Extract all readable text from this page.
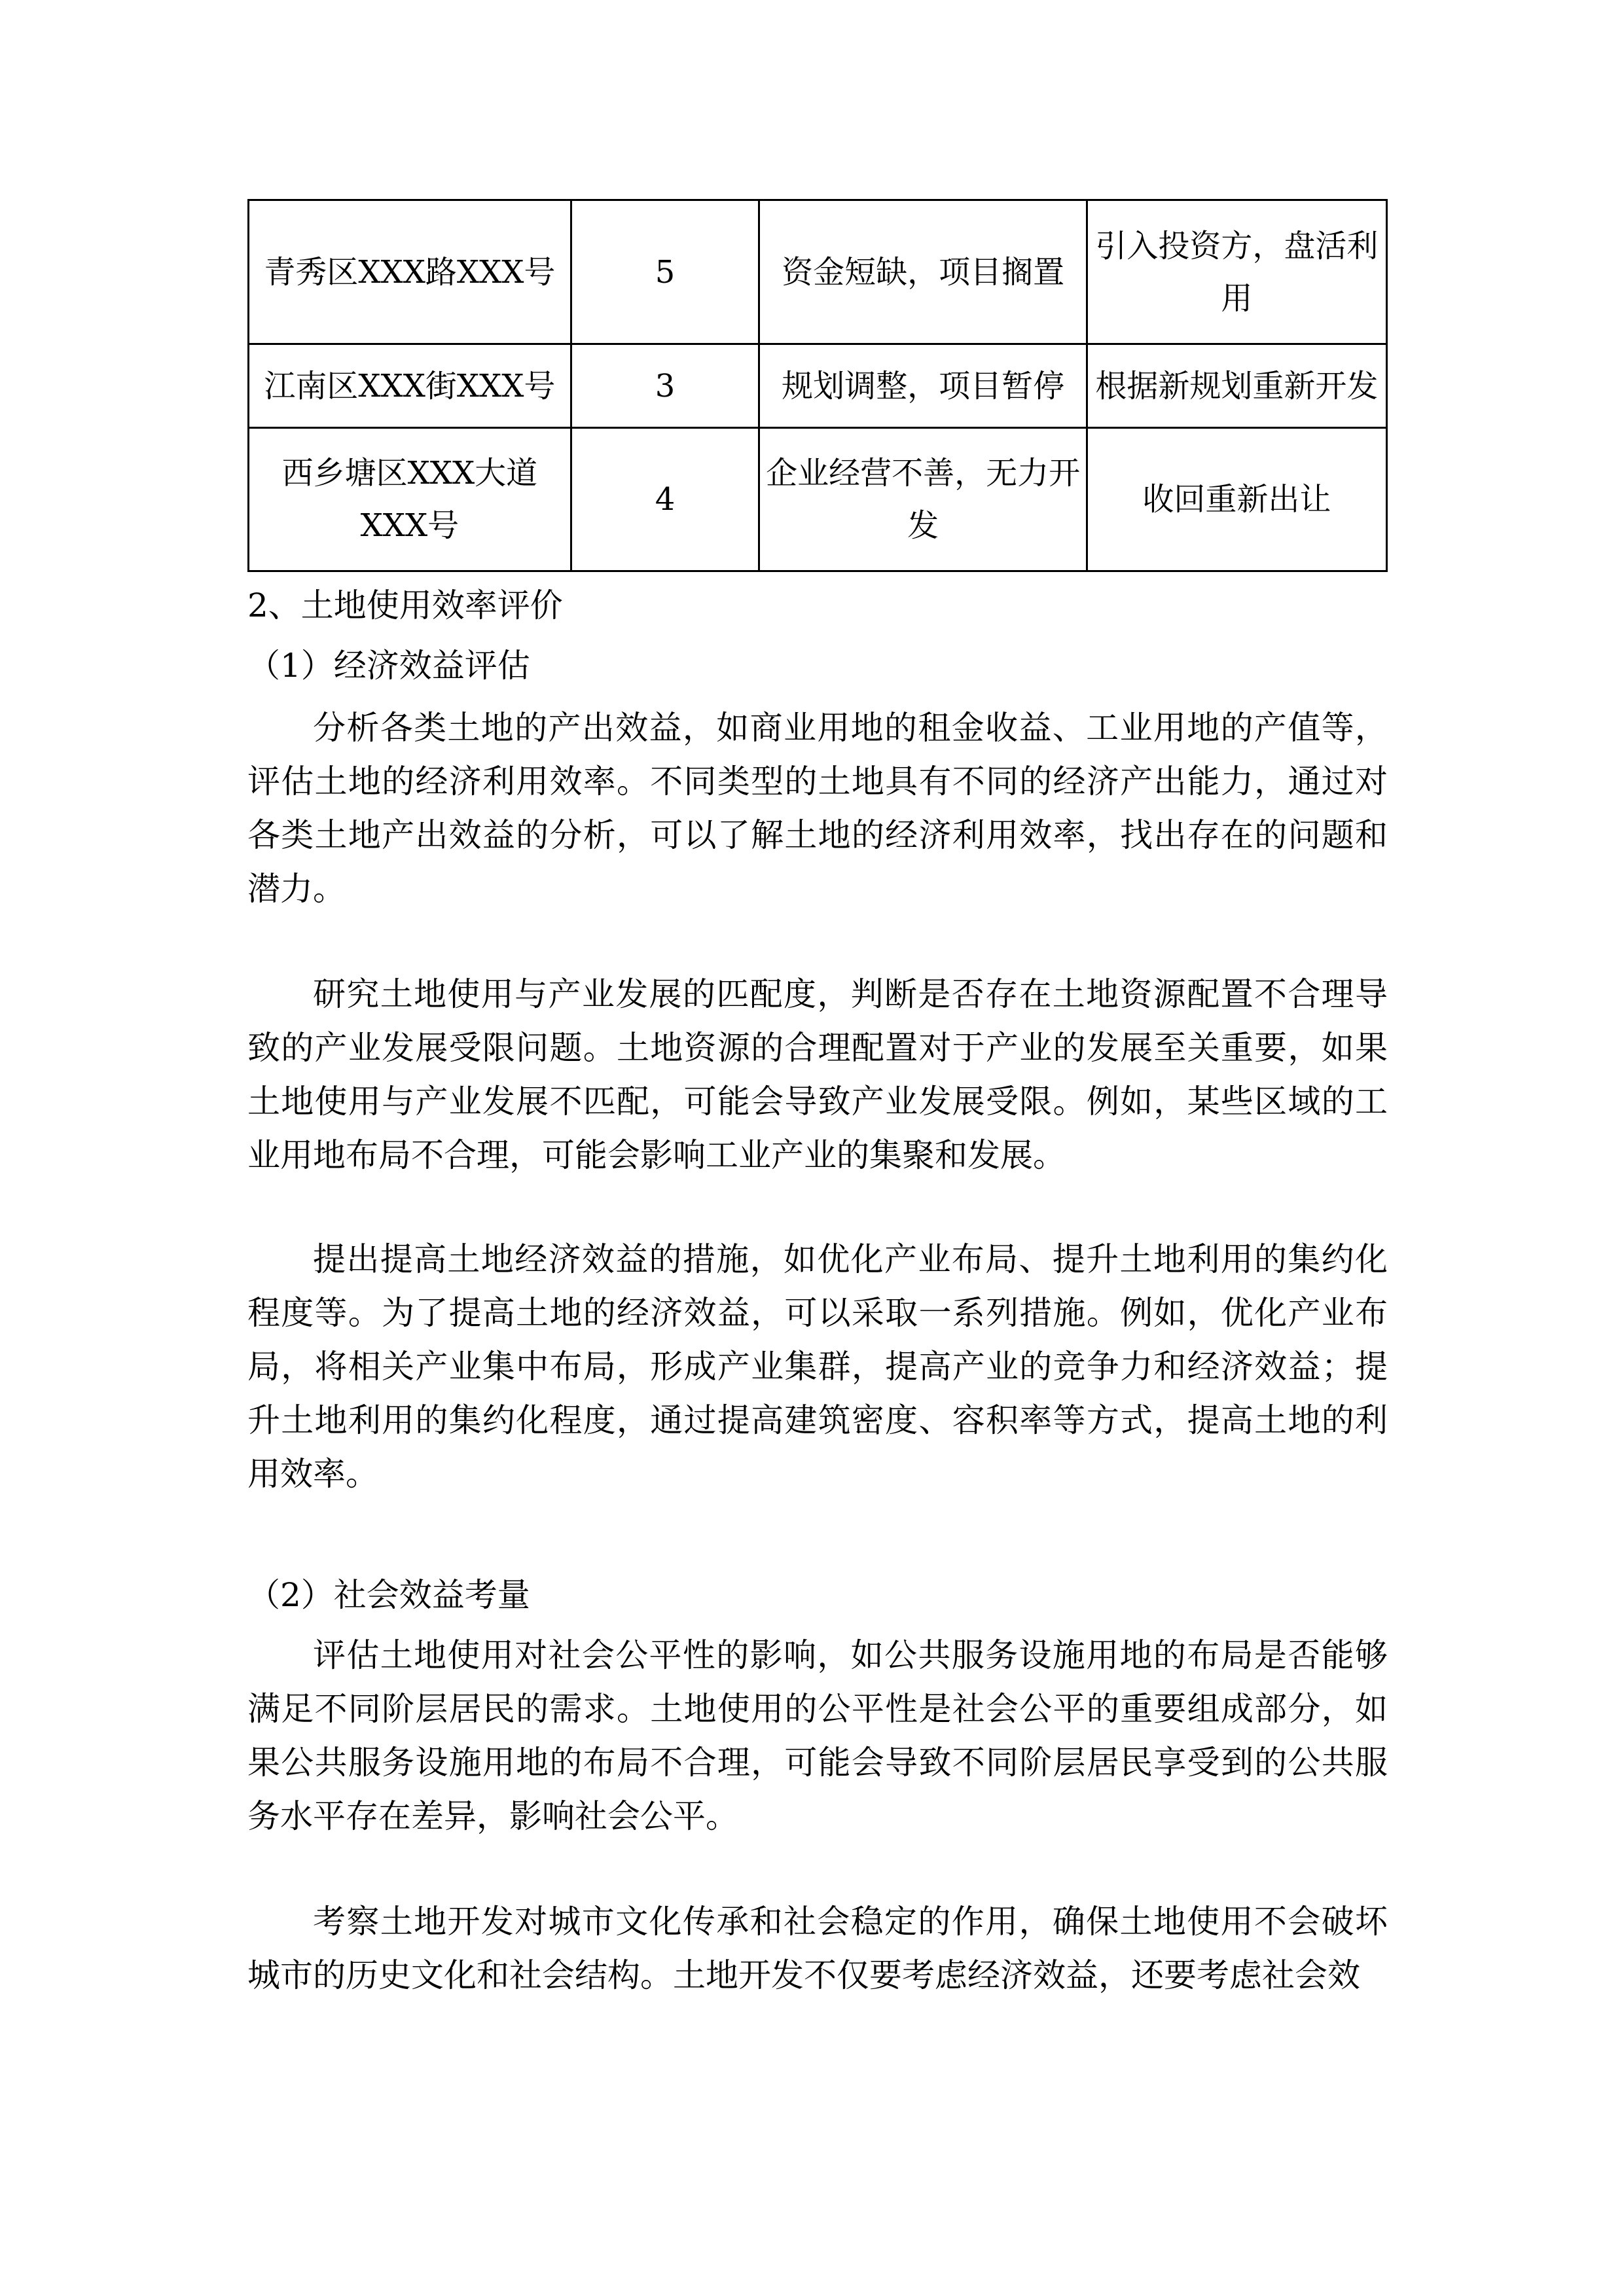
青秀区XXX路XXX号	5	资金短缺，项目搁置	引入投资方，盘活利用
江南区XXX街XXX号	3	规划调整，项目暂停	根据新规划重新开发
西乡塘区XXX大道XXX号	4	企业经营不善，无力开发	收回重新出让

2、土地使用效率评价

（1）经济效益评估

分析各类土地的产出效益，如商业用地的租金收益、工业用地的产值等，评估土地的经济利用效率。不同类型的土地具有不同的经济产出能力，通过对各类土地产出效益的分析，可以了解土地的经济利用效率，找出存在的问题和潜力。

研究土地使用与产业发展的匹配度，判断是否存在土地资源配置不合理导致的产业发展受限问题。土地资源的合理配置对于产业的发展至关重要，如果土地使用与产业发展不匹配，可能会导致产业发展受限。例如，某些区域的工业用地布局不合理，可能会影响工业产业的集聚和发展。

提出提高土地经济效益的措施，如优化产业布局、提升土地利用的集约化程度等。为了提高土地的经济效益，可以采取一系列措施。例如，优化产业布局，将相关产业集中布局，形成产业集群，提高产业的竞争力和经济效益；提升土地利用的集约化程度，通过提高建筑密度、容积率等方式，提高土地的利用效率。

（2）社会效益考量

评估土地使用对社会公平性的影响，如公共服务设施用地的布局是否能够满足不同阶层居民的需求。土地使用的公平性是社会公平的重要组成部分，如果公共服务设施用地的布局不合理，可能会导致不同阶层居民享受到的公共服务水平存在差异，影响社会公平。

考察土地开发对城市文化传承和社会稳定的作用，确保土地使用不会破坏城市的历史文化和社会结构。土地开发不仅要考虑经济效益，还要考虑社会效
